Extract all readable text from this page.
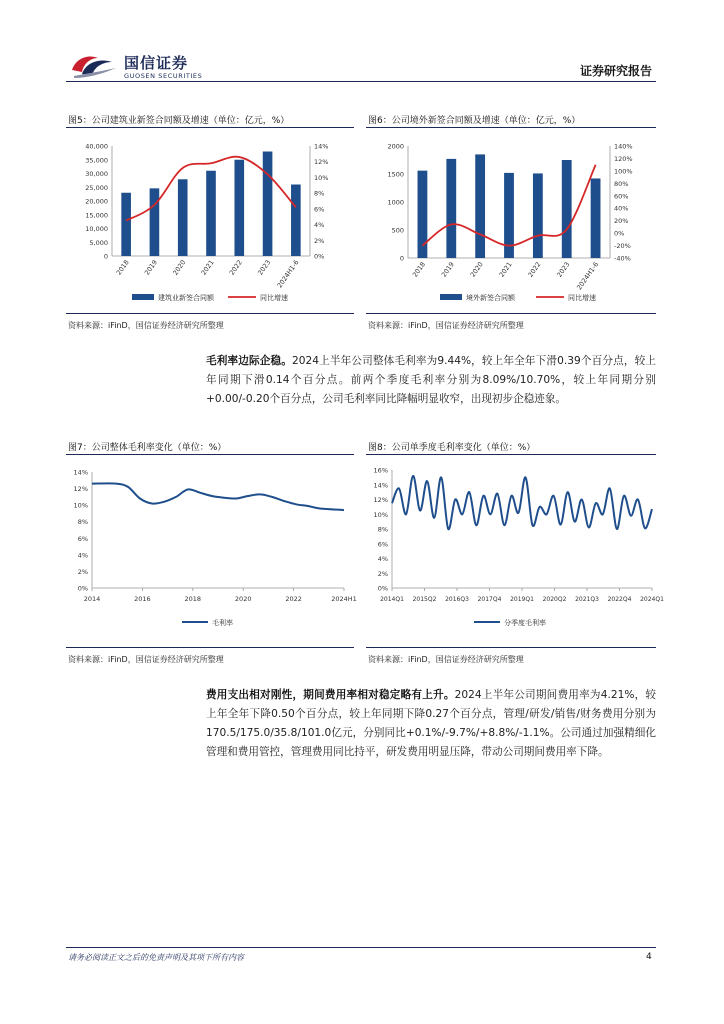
国信证券
GUOSEN SECURITIES	证券研究报告
图5：公司建筑业新签合同额及增速（单位：亿元，%）
0
5,000
10,000
15,000
20,000
25,000
30,000
35,000
40,000
0%
2%
4%
6%
8%
10%
12%
14%
2018 2019 2020 2021 2022 2023 2024H1-6
建筑业新签合同额	同比增速
资料来源：iFinD，国信证券经济研究所整理
图6：公司境外新签合同额及增速（单位：亿元，%）
0
500
1000
1500
2000
-40%
-20%
0%
20%
40%
60%
80%
100%
120%
140%
2018 2019 2020 2021 2022 2023 2024H1-6
境外新签合同额	同比增速
资料来源：iFinD，国信证券经济研究所整理
毛利率边际企稳。2024上半年公司整体毛利率为9.44%，较上年全年下滑0.39个百分点，较上年同期下滑0.14个百分点。前两个季度毛利率分别为8.09%/10.70%，较上年同期分别+0.00/-0.20个百分点，公司毛利率同比降幅明显收窄，出现初步企稳迹象。
图7：公司整体毛利率变化（单位：%）
0%
2%
4%
6%
8%
10%
12%
14%
2014	2016	2018	2020	2022	2024H1
毛利率
资料来源：iFinD，国信证券经济研究所整理
图8：公司单季度毛利率变化（单位：%）
0%
2%
4%
6%
8%
10%
12%
14%
16%
2014Q1 2015Q2 2016Q3 2017Q4 2019Q1 2020Q2 2021Q3 2022Q4 2024Q1
分季度毛利率
资料来源：iFinD，国信证券经济研究所整理
费用支出相对刚性，期间费用率相对稳定略有上升。2024上半年公司期间费用率为4.21%，较上年全年下降0.50个百分点，较上年同期下降0.27个百分点，管理/研发/销售/财务费用分别为170.5/175.0/35.8/101.0亿元，分别同比+0.1%/-9.7%/+8.8%/-1.1%。公司通过加强精细化管理和费用管控，管理费用同比持平，研发费用明显压降，带动公司期间费用率下降。
请务必阅读正文之后的免责声明及其项下所有内容	4
